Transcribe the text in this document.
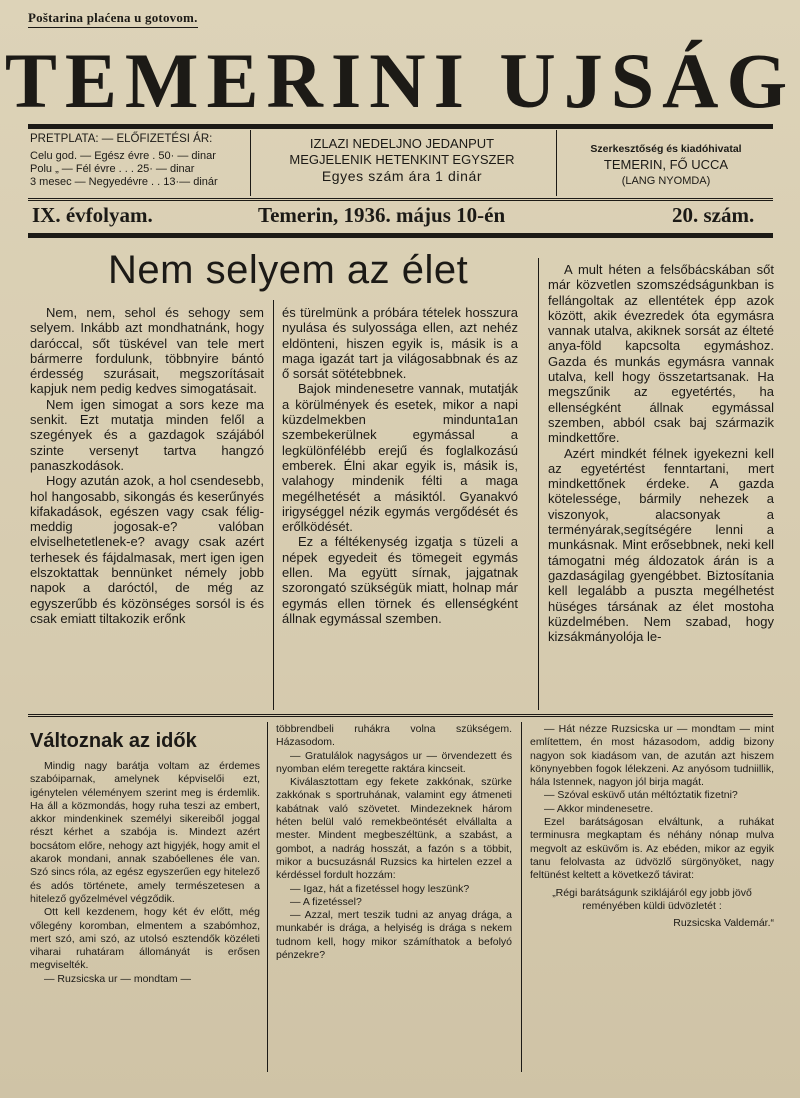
Poštarina plaćena u gotovom.
TEMERINI UJSÁG
PRETPLATA: — ELŐFIZETÉSI ÁR:
Celu god. — Egész évre . 50· — dinar
Polu „ — Fél évre . . . 25· — dinar
3 mesec — Negyedévre . . 13·— dinár
IZLAZI NEDELJNO JEDANPUT
MEGJELENIK HETENKINT EGYSZER
Egyes szám ára 1 dinár
Szerkesztőség és kiadóhivatal
TEMERIN, FŐ UCCA
(LANG NYOMDA)
IX. évfolyam.	Temerin, 1936. május 10-én	20. szám.
Nem selyem az élet

Nem, nem, sehol és sehogy sem selyem. Inkább azt mondhatnánk, hogy daróccal, sőt tüskével van tele mert bármerre fordulunk, többnyire bántó érdesség szurásait, megszorításait kapjuk nem pedig kedves simogatásait.

Nem igen simogat a sors keze ma senkit. Ezt mutatja minden felől a szegények és a gazdagok szájából szinte versenyt tartva hangzó panaszkodások.

Hogy azután azok, a hol csendesebb, hol hangosabb, sikongás és keserűnyés kifakadások, egészen vagy csak félig-meddig jogosak-e? valóban elviselhetetlenek-e? avagy csak azért terhesek és fájdalmasak, mert igen igen elszoktattak bennünket némely jobb napok a daróctól, de még az egyszerűbb és közönséges sorsól is és csak emiatt tiltakozik erőnk

és türelmünk a próbára tételek hosszura nyulása és sulyossága ellen, azt nehéz eldönteni, hiszen egyik is, másik is a maga igazát tart ja világosabbnak és az ő sorsát sötétebbnek.

Bajok mindenesetre vannak, mutatják a körülmények és esetek, mikor a napi küzdelmekben mindunta1an szembekerülnek egymással a legkülönfélébb erejű és foglalkozású emberek. Élni akar egyik is, másik is, valahogy mindenik félti a maga megélhetését a másiktól. Gyanakvó irigységgel nézik egymás vergődését és erőlködését.

Ez a féltékenység izgatja s tüzeli a népek egyedeit és tömegeit egymás ellen. Ma együtt sírnak, jajgatnak szorongató szükségük miatt, holnap már egymás ellen törnek és ellenségként állnak egymással szemben.

A mult héten a felsőbácskában sőt már közvetlen szomszédságunkban is fellángoltak az ellentétek épp azok között, akik évezredek óta egymásra vannak utalva, akiknek sorsát az élteté anya-föld kapcsolta egymáshoz. Gazda és munkás egymásra vannak utalva, kell hogy összetartsanak. Ha megszűnik az egyetértés, ha ellenségként állnak egymással szemben, abból csak baj származik mindkettőre.

Azért mindkét félnek igyekezni kell az egyetértést fenntartani, mert mindkettőnek érdeke. A gazda kötelessége, bármily nehezek a viszonyok, alacsonyak a terményárak,segítségére lenni a munkásnak. Mint erősebbnek, neki kell támogatni még áldozatok árán is a gazdaságilag gyengébbet. Biztosítania kell legalább a puszta megélhetést hüséges társának az élet mostoha küzdelmében. Nem szabad, hogy kizsákmányolója le-

Változnak az idők

Mindig nagy barátja voltam az érdemes szabóiparnak, amelynek képviselői ezt, igénytelen véleményem szerint meg is érdemlik. Ha áll a közmondás, hogy ruha teszi az embert, akkor mindenkinek személyi sikereiből joggal részt kérhet a szabója is. Mindezt azért bocsátom előre, nehogy azt higyjék, hogy amit el akarok mondani, annak szabóellenes éle van. Szó sincs róla, az egész egyszerűen egy hitelező és adós története, amely természetesen a hitelező győzelmével végződik.

Ott kell kezdenem, hogy két év előtt, még vőlegény koromban, elmentem a szabómhoz, mert szó, ami szó, az utolsó esztendők közéleti viharai ruhatáram állományát is erősen megviselték.

— Ruzsicska ur — mondtam —

többrendbeli ruhákra volna szükségem. Házasodom.

— Gratulálok nagyságos ur — örvendezett és nyomban elém teregette raktára kincseit.

Kiválasztottam egy fekete zakkónak, szürke zakkónak s sportruhának, valamint egy átmeneti kabátnak való szövetet. Mindezeknek három héten belül való remekbeöntését elvállalta a mester. Mindent megbeszéltünk, a szabást, a gombot, a nadrág hosszát, a fazón s a többit, mikor a bucsuzásnál Ruzsics ka hirtelen ezzel a kérdéssel fordult hozzám:

— Igaz, hát a fizetéssel hogy leszünk?

— A fizetéssel?

— Azzal, mert teszik tudni az anyag drága, a munkabér is drága, a helyiség is drága s nekem tudnom kell, hogy mikor számíthatok a befolyó pénzekre?

— Hát nézze Ruzsicska ur — mondtam — mint említettem, én most házasodom, addig bizony nagyon sok kiadásom van, de azután azt hiszem könynyebben fogok lélekzeni. Az anyósom tudniillik, hála Istennek, nagyon jól birja magát.

— Szóval esküvő után méltóztatik fizetni?

— Akkor mindenesetre.

Ezel barátságosan elváltunk, a ruhákat terminusra megkaptam és néhány nónap mulva megvolt az esküvőm is. Az ebéden, mikor az egyik tanu felolvasta az üdvözlő sürgönyöket, nagy feltünést keltett a következő távirat:

„Régi barátságunk sziklájáról egy jobb jövő reményében küldi üdvözletét :

Ruzsicska Valdemár.“
